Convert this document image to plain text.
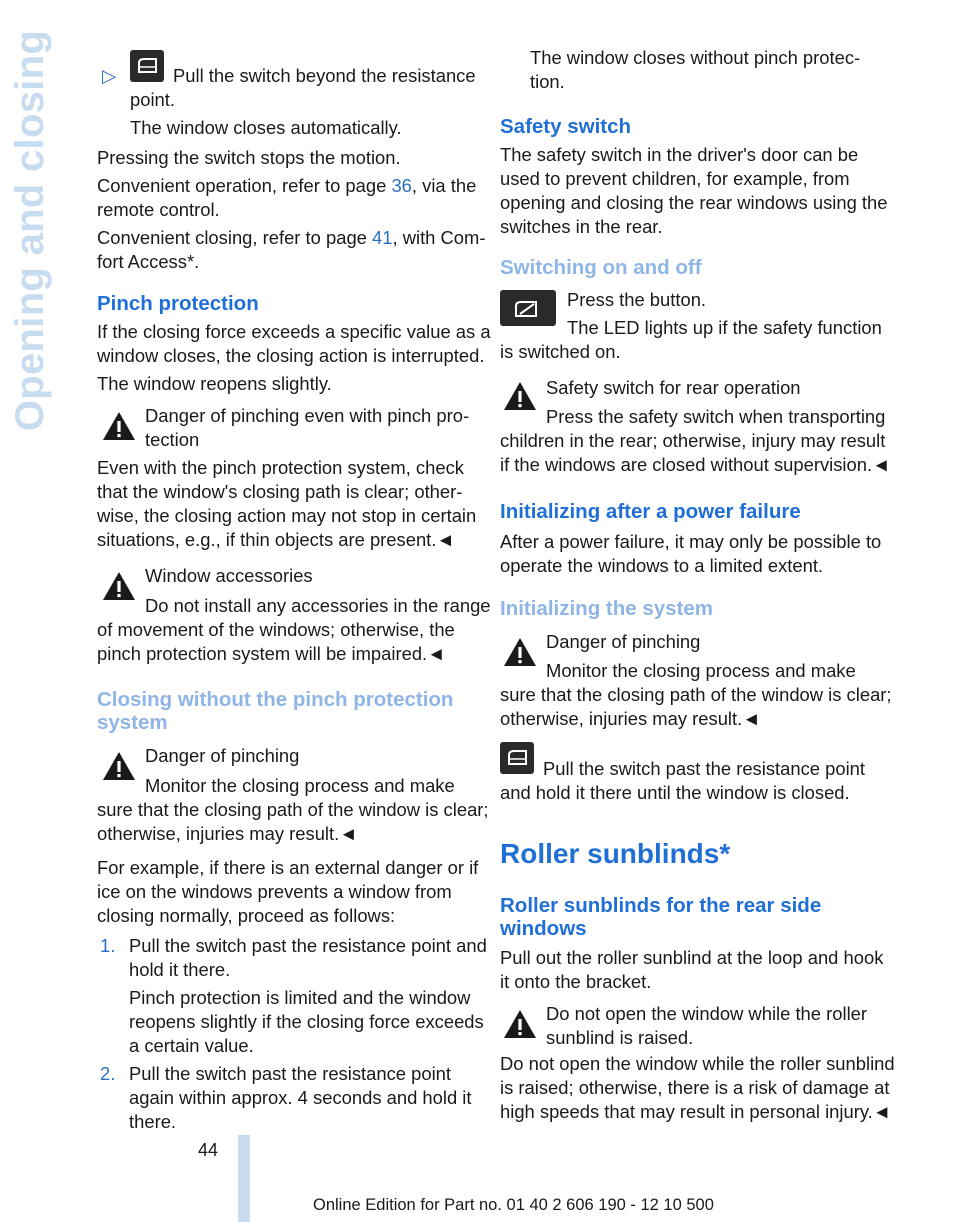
Opening and closing	▷	Pull the switch beyond the resistance
point.
The window closes automatically.
Pressing the switch stops the motion.
Convenient operation, refer to page 36, via the
remote control.
Convenient closing, refer to page 41, with Com-
fort Access*.
Pinch protection
If the closing force exceeds a specific value as a
window closes, the closing action is interrupted.
The window reopens slightly.
Danger of pinching even with pinch pro-
tection
Even with the pinch protection system, check
that the window's closing path is clear; other-
wise, the closing action may not stop in certain
situations, e.g., if thin objects are present.◄
Window accessories
Do not install any accessories in the range
of movement of the windows; otherwise, the
pinch protection system will be impaired.◄
Closing without the pinch protection
system
Danger of pinching
Monitor the closing process and make
sure that the closing path of the window is clear;
otherwise, injuries may result.◄
For example, if there is an external danger or if
ice on the windows prevents a window from
closing normally, proceed as follows:
1. Pull the switch past the resistance point and
hold it there.
Pinch protection is limited and the window
reopens slightly if the closing force exceeds
a certain value.
2. Pull the switch past the resistance point
again within approx. 4 seconds and hold it
there.
The window closes without pinch protec-
tion.
Safety switch
The safety switch in the driver's door can be
used to prevent children, for example, from
opening and closing the rear windows using the
switches in the rear.
Switching on and off
Press the button.
The LED lights up if the safety function
is switched on.
Safety switch for rear operation
Press the safety switch when transporting
children in the rear; otherwise, injury may result
if the windows are closed without supervision.◄
Initializing after a power failure
After a power failure, it may only be possible to
operate the windows to a limited extent.
Initializing the system
Danger of pinching
Monitor the closing process and make
sure that the closing path of the window is clear;
otherwise, injuries may result.◄
Pull the switch past the resistance point
and hold it there until the window is closed.
Roller sunblinds*
Roller sunblinds for the rear side
windows
Pull out the roller sunblind at the loop and hook
it onto the bracket.
Do not open the window while the roller
sunblind is raised.
Do not open the window while the roller sunblind
is raised; otherwise, there is a risk of damage at
high speeds that may result in personal injury.◄
44
Online Edition for Part no. 01 40 2 606 190 - 12 10 500
